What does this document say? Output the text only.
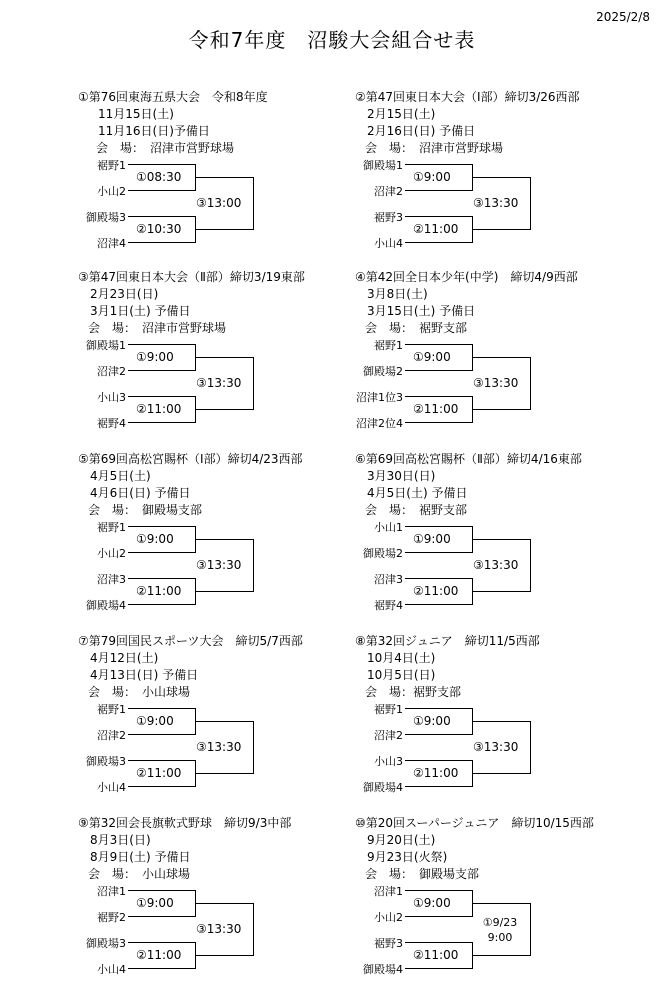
2025/2/8
令和7年度　沼駿大会組合せ表
①第76回東海五県大会　令和8年度
11月15日(土)
11月16日(日)予備日
会　場：　沼津市営野球場
裾野1
小山2
御殿場3
沼津4
①08:30
②10:30
③13:00
②第47回東日本大会（Ⅰ部）締切3/26西部
2月15日(土)
2月16日(日) 予備日
会　場：　沼津市営野球場
御殿場1
沼津2
裾野3
小山4
①9:00
②11:00
③13:30
③第47回東日本大会（Ⅱ部）締切3/19東部
2月23日(日)
3月1日(土) 予備日
会　場：　沼津市営野球場
御殿場1
沼津2
小山3
裾野4
①9:00
②11:00
③13:30
④第42回全日本少年(中学)　締切4/9西部
3月8日(土)
3月15日(土) 予備日
会　場：　裾野支部
裾野1
御殿場2
沼津1位3
沼津2位4
①9:00
②11:00
③13:30
⑤第69回高松宮賜杯（Ⅰ部）締切4/23西部
4月5日(土)
4月6日(日) 予備日
会　場：　御殿場支部
裾野1
小山2
沼津3
御殿場4
①9:00
②11:00
③13:30
⑥第69回高松宮賜杯（Ⅱ部）締切4/16東部
3月30日(日)
4月5日(土) 予備日
会　場：　裾野支部
小山1
御殿場2
沼津3
裾野4
①9:00
②11:00
③13:30
⑦第79回国民スポーツ大会　締切5/7西部
4月12日(土)
4月13日(日) 予備日
会　場：　小山球場
裾野1
沼津2
御殿場3
小山4
①9:00
②11:00
③13:30
⑧第32回ジュニア　締切11/5西部
10月4日(土)
10月5日(日)
会　場：裾野支部
裾野1
沼津2
小山3
御殿場4
①9:00
②11:00
③13:30
⑨第32回会長旗軟式野球　締切9/3中部
8月3日(日)
8月9日(土) 予備日
会　場：　小山球場
沼津1
裾野2
御殿場3
小山4
①9:00
②11:00
③13:30
⑩第20回スーパージュニア　締切10/15西部
9月20日(土)
9月23日(火祭)
会　場：　御殿場支部
沼津1
小山2
裾野3
御殿場4
①9:00
②11:00
①9/23
9:00
